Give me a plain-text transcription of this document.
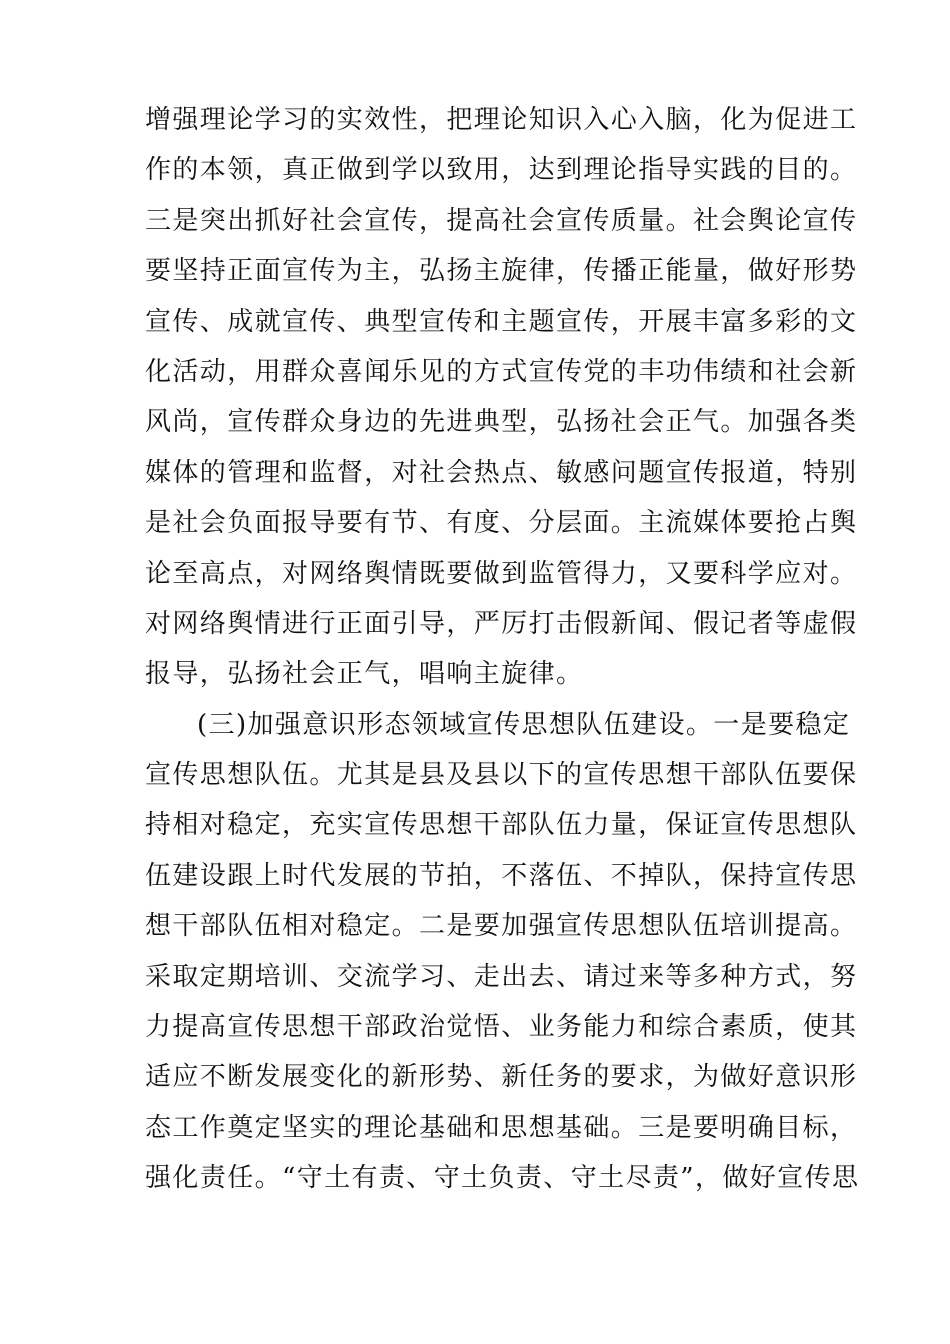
增强理论学习的实效性，把理论知识入心入脑，化为促进工

作的本领，真正做到学以致用，达到理论指导实践的目的。

三是突出抓好社会宣传，提高社会宣传质量。社会舆论宣传

要坚持正面宣传为主，弘扬主旋律，传播正能量，做好形势

宣传、成就宣传、典型宣传和主题宣传，开展丰富多彩的文

化活动，用群众喜闻乐见的方式宣传党的丰功伟绩和社会新

风尚，宣传群众身边的先进典型，弘扬社会正气。加强各类

媒体的管理和监督，对社会热点、敏感问题宣传报道，特别

是社会负面报导要有节、有度、分层面。主流媒体要抢占舆

论至高点，对网络舆情既要做到监管得力，又要科学应对。

对网络舆情进行正面引导，严厉打击假新闻、假记者等虚假

报导，弘扬社会正气，唱响主旋律。

(三)加强意识形态领域宣传思想队伍建设。一是要稳定

宣传思想队伍。尤其是县及县以下的宣传思想干部队伍要保

持相对稳定，充实宣传思想干部队伍力量，保证宣传思想队

伍建设跟上时代发展的节拍，不落伍、不掉队，保持宣传思

想干部队伍相对稳定。二是要加强宣传思想队伍培训提高。

采取定期培训、交流学习、走出去、请过来等多种方式，努

力提高宣传思想干部政治觉悟、业务能力和综合素质，使其

适应不断发展变化的新形势、新任务的要求，为做好意识形

态工作奠定坚实的理论基础和思想基础。三是要明确目标，

强化责任。“守土有责、守土负责、守土尽责”，做好宣传思
